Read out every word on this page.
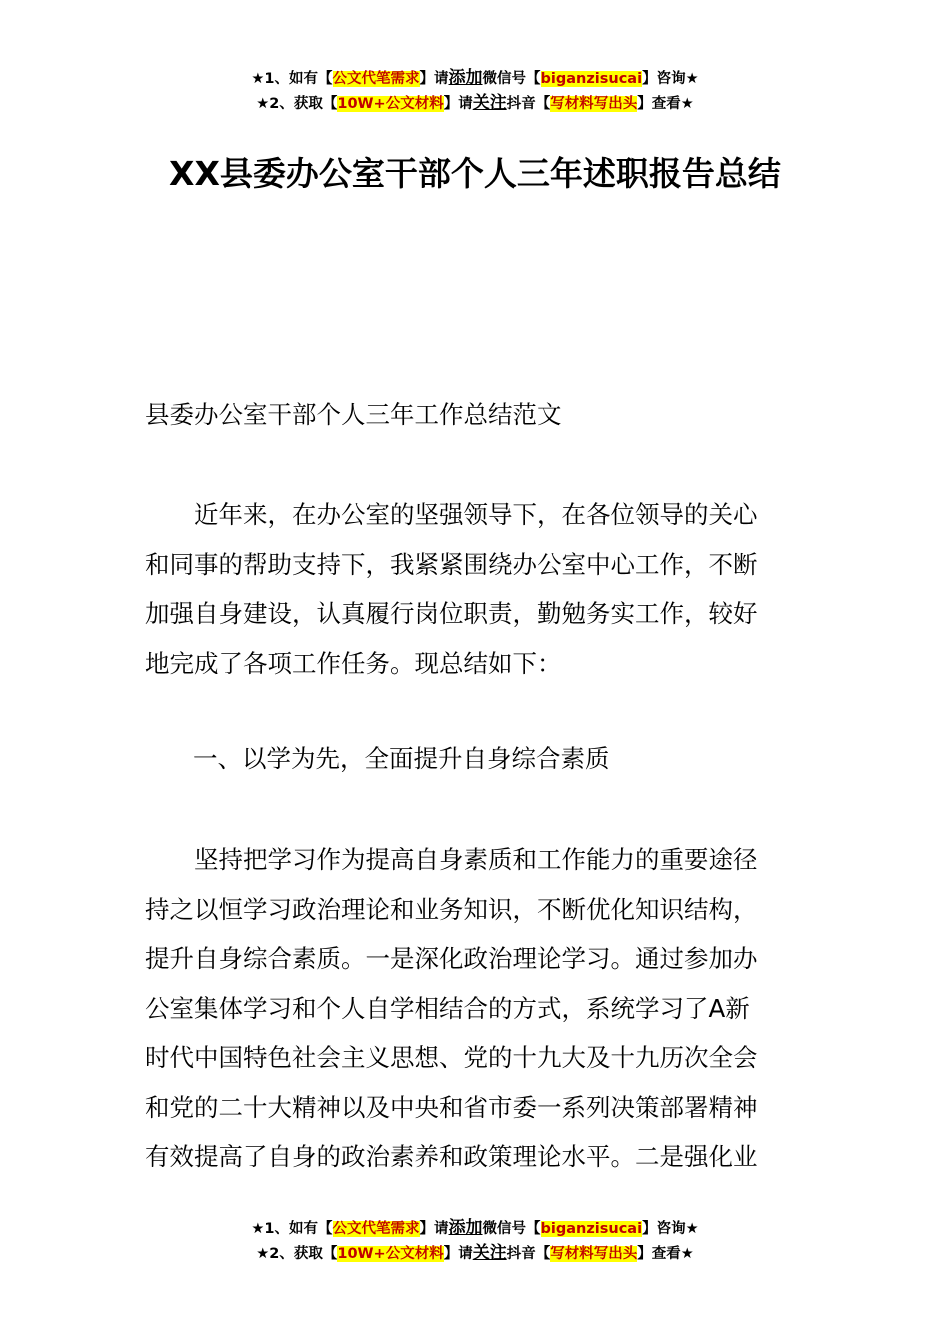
★1、如有【公文代笔需求】请添加微信号【biganzisucai】咨询★
★2、获取【10W+公文材料】请关注抖音【写材料写出头】查看★
XX县委办公室干部个人三年述职报告总结
县委办公室干部个人三年工作总结范文
近年来，在办公室的坚强领导下，在各位领导的关心
和同事的帮助支持下，我紧紧围绕办公室中心工作，不断
加强自身建设，认真履行岗位职责，勤勉务实工作，较好
地完成了各项工作任务。现总结如下：
一、以学为先，全面提升自身综合素质
坚持把学习作为提高自身素质和工作能力的重要途径
持之以恒学习政治理论和业务知识，不断优化知识结构，
提升自身综合素质。一是深化政治理论学习。通过参加办
公室集体学习和个人自学相结合的方式，系统学习了A新
时代中国特色社会主义思想、党的十九大及十九历次全会
和党的二十大精神以及中央和省市委一系列决策部署精神
有效提高了自身的政治素养和政策理论水平。二是强化业
★1、如有【公文代笔需求】请添加微信号【biganzisucai】咨询★
★2、获取【10W+公文材料】请关注抖音【写材料写出头】查看★
